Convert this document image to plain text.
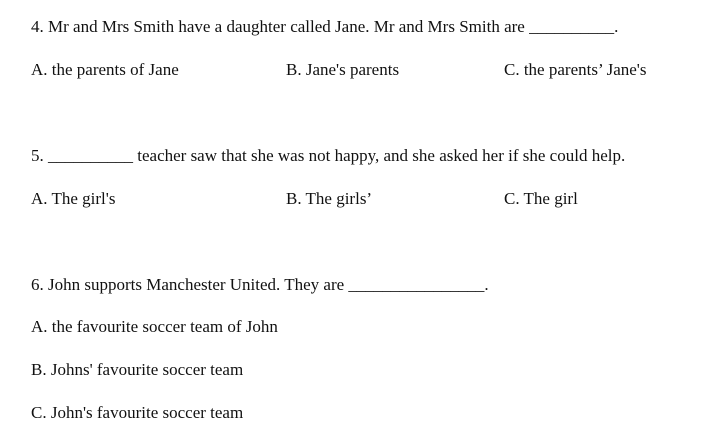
4. Mr and Mrs Smith have a daughter called Jane. Mr and Mrs Smith are __________.
A. the parents of Jane	B. Jane's parents	C. the parents’ Jane's
5. __________ teacher saw that she was not happy, and she asked her if she could help.
A. The girl's	B. The girls’	C. The girl
6. John supports Manchester United. They are ________________.
A. the favourite soccer team of John
B. Johns' favourite soccer team
C. John's favourite soccer team
